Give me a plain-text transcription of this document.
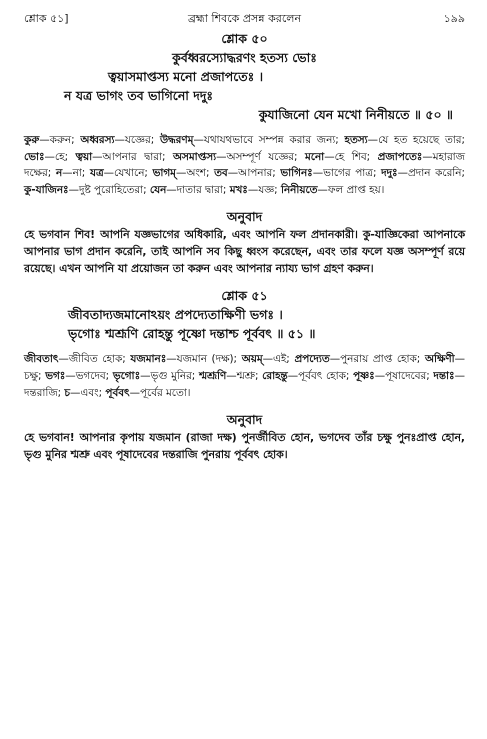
শ্লোক ৫১]	ব্রহ্মা শিবকে প্রসন্ন করলেন	১৯৯
শ্লোক ৫০
কুর্বধ্বরস্যোদ্ধরণং হতস্য ভোঃ
ত্বয়াসমাপ্তস্য মনো প্রজাপতেঃ ।
ন যত্র ভাগং তব ভাগিনো দদুঃ
কুযাজিনো যেন মখো নিনীয়তে ॥ ৫০ ॥
কুরু—করুন; অধ্বরস্য—যজ্ঞের; উদ্ধরণম্—যথাযথভাবে সম্পন্ন করার জন্য; হতস্য—যে হত হয়েছে তার; ভোঃ—হে; ত্বয়া—আপনার দ্বারা; অসমাপ্তস্য—অসম্পূর্ণ যজ্ঞের; মনো—হে শিব; প্রজাপতেঃ—মহারাজ দক্ষের; ন—না; যত্র—যেখানে; ভাগম্—অংশ; তব—আপনার; ভাগিনঃ—ভাগের পাত্র; দদুঃ—প্রদান করেনি; কু-যাজিনঃ—দুষ্ট পুরোহিতেরা; যেন—দাতার দ্বারা; মখঃ—যজ্ঞ; নিনীয়তে—ফল প্রাপ্ত হয়।
অনুবাদ
হে ভগবান শিব! আপনি যজ্ঞভাগের অধিকারি, এবং আপনি ফল প্রদানকারী। কু-যাজ্ঞিকেরা আপনাকে আপনার ভাগ প্রদান করেনি, তাই আপনি সব কিছু ধ্বংস করেছেন, এবং তার ফলে যজ্ঞ অসম্পূর্ণ রয়ে রয়েছে। এখন আপনি যা প্রয়োজন তা করুন এবং আপনার ন্যায্য ভাগ গ্রহণ করুন।
শ্লোক ৫১
জীবতাদ্যজমানোঽয়ং প্রপদ্যেতাক্ষিণী ভগঃ ।
ভৃগোঃ শ্মশ্রূণি রোহন্তু পূষ্ণো দন্তাশ্চ পূর্ববৎ ॥ ৫১ ॥
জীবতাৎ—জীবিত হোক; যজমানঃ—যজমান (দক্ষ); অয়ম্—এই; প্রপদ্যেত—পুনরায় প্রাপ্ত হোক; অক্ষিণী—চক্ষু; ভগঃ—ভগদেব; ভৃগোঃ—ভৃগু মুনির; শ্মশ্রূণি—শ্মশ্রু; রোহন্তু—পূর্ববৎ হোক; পূষ্ণঃ—পূষাদেবের; দন্তাঃ—দন্তরাজি; চ—এবং; পূর্ববৎ—পূর্বের মতো।
অনুবাদ
হে ভগবান! আপনার কৃপায় যজমান (রাজা দক্ষ) পুনর্জীবিত হোন, ভগদেব তাঁর চক্ষু পুনঃপ্রাপ্ত হোন, ভৃগু মুনির শ্মশ্রু এবং পূষাদেবের দন্তরাজি পুনরায় পূর্ববৎ হোক।
